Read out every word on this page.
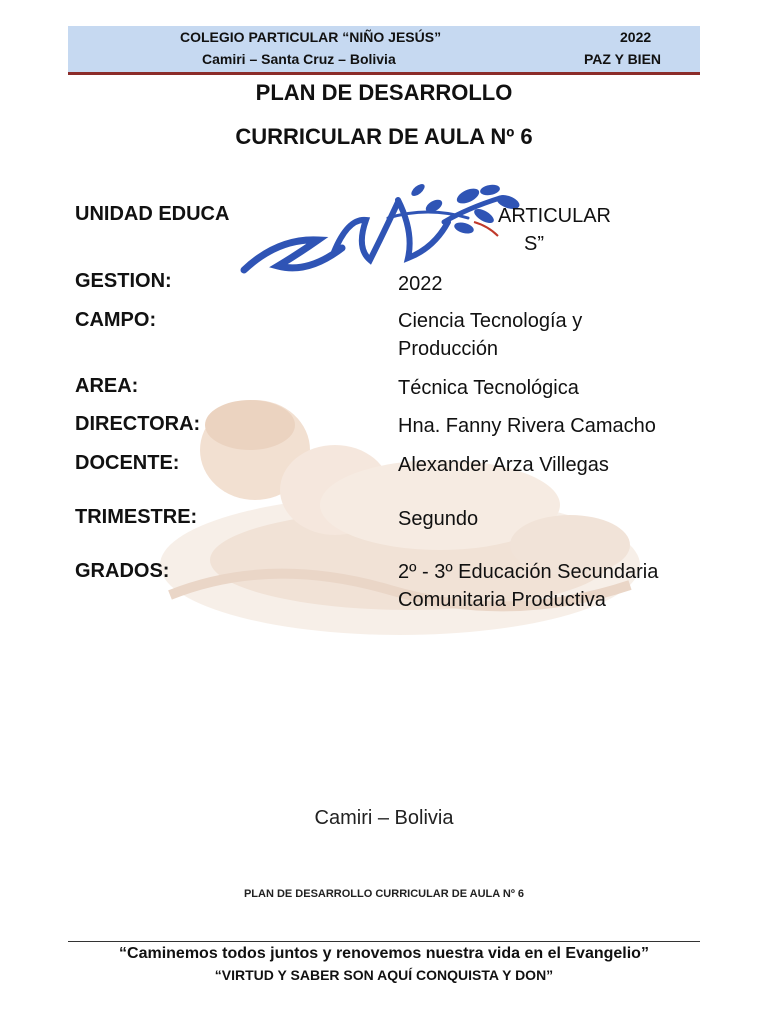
COLEGIO PARTICULAR “NIÑO JESÚS”
Camiri – Santa Cruz – Bolivia
2022
PAZ Y BIEN
PLAN DE DESARROLLO
CURRICULAR DE AULA Nº 6
UNIDAD EDUCA	ARTICULAR
S”
GESTION:	2022
CAMPO:	Ciencia Tecnología y
Producción
AREA:	Técnica Tecnológica
DIRECTORA:	Hna. Fanny Rivera Camacho
DOCENTE:	Alexander Arza Villegas
TRIMESTRE:	Segundo
GRADOS:	2º - 3º Educación Secundaria
Comunitaria Productiva
Camiri – Bolivia
PLAN DE DESARROLLO CURRICULAR DE AULA Nº 6
“Caminemos todos juntos y renovemos nuestra vida en el Evangelio”
“VIRTUD Y SABER SON AQUÍ CONQUISTA Y DON”
